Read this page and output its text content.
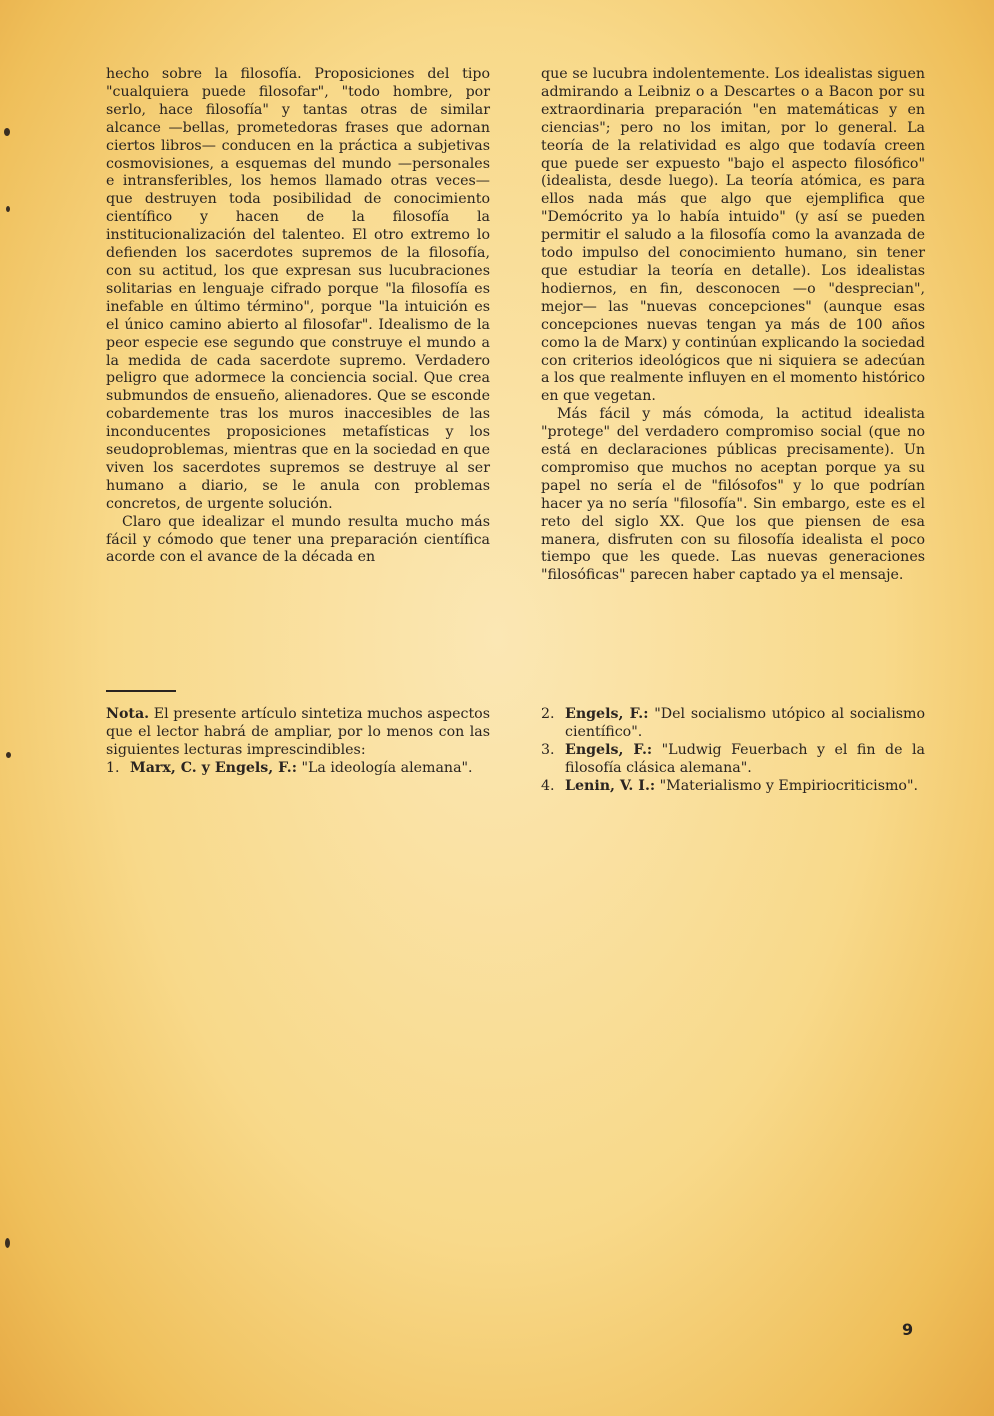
hecho sobre la filosofía. Proposiciones del tipo "cualquiera puede filosofar", "todo hombre, por serlo, hace filosofía" y tantas otras de similar alcance —bellas, prometedoras frases que adornan ciertos libros— conducen en la práctica a subjetivas cosmovisiones, a esquemas del mundo —personales e intransferibles, los hemos llamado otras veces— que destruyen toda posibilidad de conocimiento científico y hacen de la filosofía la institucionalización del talenteo. El otro extremo lo defienden los sacerdotes supremos de la filosofía, con su actitud, los que expresan sus lucubraciones solitarias en lenguaje cifrado porque "la filosofía es inefable en último término", porque "la intuición es el único camino abierto al filosofar". Idealismo de la peor especie ese segundo que construye el mundo a la medida de cada sacerdote supremo. Verdadero peligro que adormece la conciencia social. Que crea submundos de ensueño, alienadores. Que se esconde cobardemente tras los muros inaccesibles de las inconducentes proposiciones metafísticas y los seudoproblemas, mientras que en la sociedad en que viven los sacerdotes supremos se destruye al ser humano a diario, se le anula con problemas concretos, de urgente solución.

Claro que idealizar el mundo resulta mucho más fácil y cómodo que tener una preparación científica acorde con el avance de la década en

que se lucubra indolentemente. Los idealistas siguen admirando a Leibniz o a Descartes o a Bacon por su extraordinaria preparación "en matemáticas y en ciencias"; pero no los imitan, por lo general. La teoría de la relatividad es algo que todavía creen que puede ser expuesto "bajo el aspecto filosófico" (idealista, desde luego). La teoría atómica, es para ellos nada más que algo que ejemplifica que "Demócrito ya lo había intuido" (y así se pueden permitir el saludo a la filosofía como la avanzada de todo impulso del conocimiento humano, sin tener que estudiar la teoría en detalle). Los idealistas hodiernos, en fin, desconocen —o "desprecian", mejor— las "nuevas concepciones" (aunque esas concepciones nuevas tengan ya más de 100 años como la de Marx) y continúan explicando la sociedad con criterios ideológicos que ni siquiera se adecúan a los que realmente influyen en el momento histórico en que vegetan.

Más fácil y más cómoda, la actitud idealista "protege" del verdadero compromiso social (que no está en declaraciones públicas precisamente). Un compromiso que muchos no aceptan porque ya su papel no sería el de "filósofos" y lo que podrían hacer ya no sería "filosofía". Sin embargo, este es el reto del siglo XX. Que los que piensen de esa manera, disfruten con su filosofía idealista el poco tiempo que les quede. Las nuevas generaciones "filosóficas" parecen haber captado ya el mensaje.

Nota. El presente artículo sintetiza muchos aspectos que el lector habrá de ampliar, por lo menos con las siguientes lecturas imprescindibles:

1. Marx, C. y Engels, F.: "La ideología alemana".
2. Engels, F.: "Del socialismo utópico al socialismo científico".
3. Engels, F.: "Ludwig Feuerbach y el fin de la filosofía clásica alemana".
4. Lenin, V. I.: "Materialismo y Empiriocriticismo".
9
